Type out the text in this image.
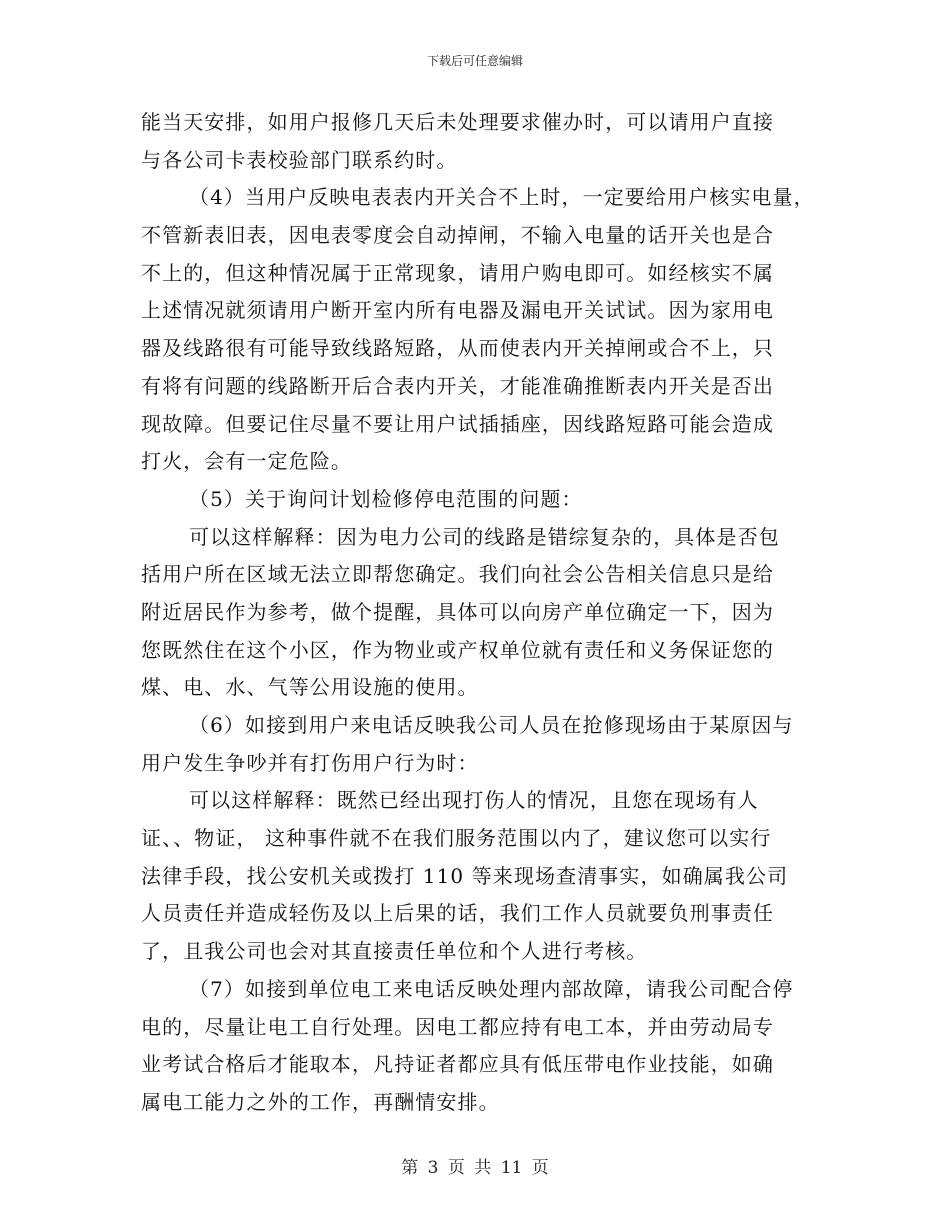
下载后可任意编辑
能当天安排，如用户报修几天后未处理要求催办时，可以请用户直接
与各公司卡表校验部门联系约时。
（4）当用户反映电表表内开关合不上时，一定要给用户核实电量，
不管新表旧表，因电表零度会自动掉闸，不输入电量的话开关也是合
不上的，但这种情况属于正常现象，请用户购电即可。如经核实不属
上述情况就须请用户断开室内所有电器及漏电开关试试。因为家用电
器及线路很有可能导致线路短路，从而使表内开关掉闸或合不上，只
有将有问题的线路断开后合表内开关，才能准确推断表内开关是否出
现故障。但要记住尽量不要让用户试插插座，因线路短路可能会造成
打火，会有一定危险。
（5）关于询问计划检修停电范围的问题：
可以这样解释：因为电力公司的线路是错综复杂的，具体是否包
括用户所在区域无法立即帮您确定。我们向社会公告相关信息只是给
附近居民作为参考，做个提醒，具体可以向房产单位确定一下，因为
您既然住在这个小区，作为物业或产权单位就有责任和义务保证您的
煤、电、水、气等公用设施的使用。
（6）如接到用户来电话反映我公司人员在抢修现场由于某原因与
用户发生争吵并有打伤用户行为时：
可以这样解释：既然已经出现打伤人的情况，且您在现场有人
证、、物证， 这种事件就不在我们服务范围以内了，建议您可以实行
法律手段，找公安机关或拨打 110 等来现场查清事实，如确属我公司
人员责任并造成轻伤及以上后果的话，我们工作人员就要负刑事责任
了，且我公司也会对其直接责任单位和个人进行考核。
（7）如接到单位电工来电话反映处理内部故障，请我公司配合停
电的，尽量让电工自行处理。因电工都应持有电工本，并由劳动局专
业考试合格后才能取本，凡持证者都应具有低压带电作业技能，如确
属电工能力之外的工作，再酬情安排。
第 3 页 共 11 页
